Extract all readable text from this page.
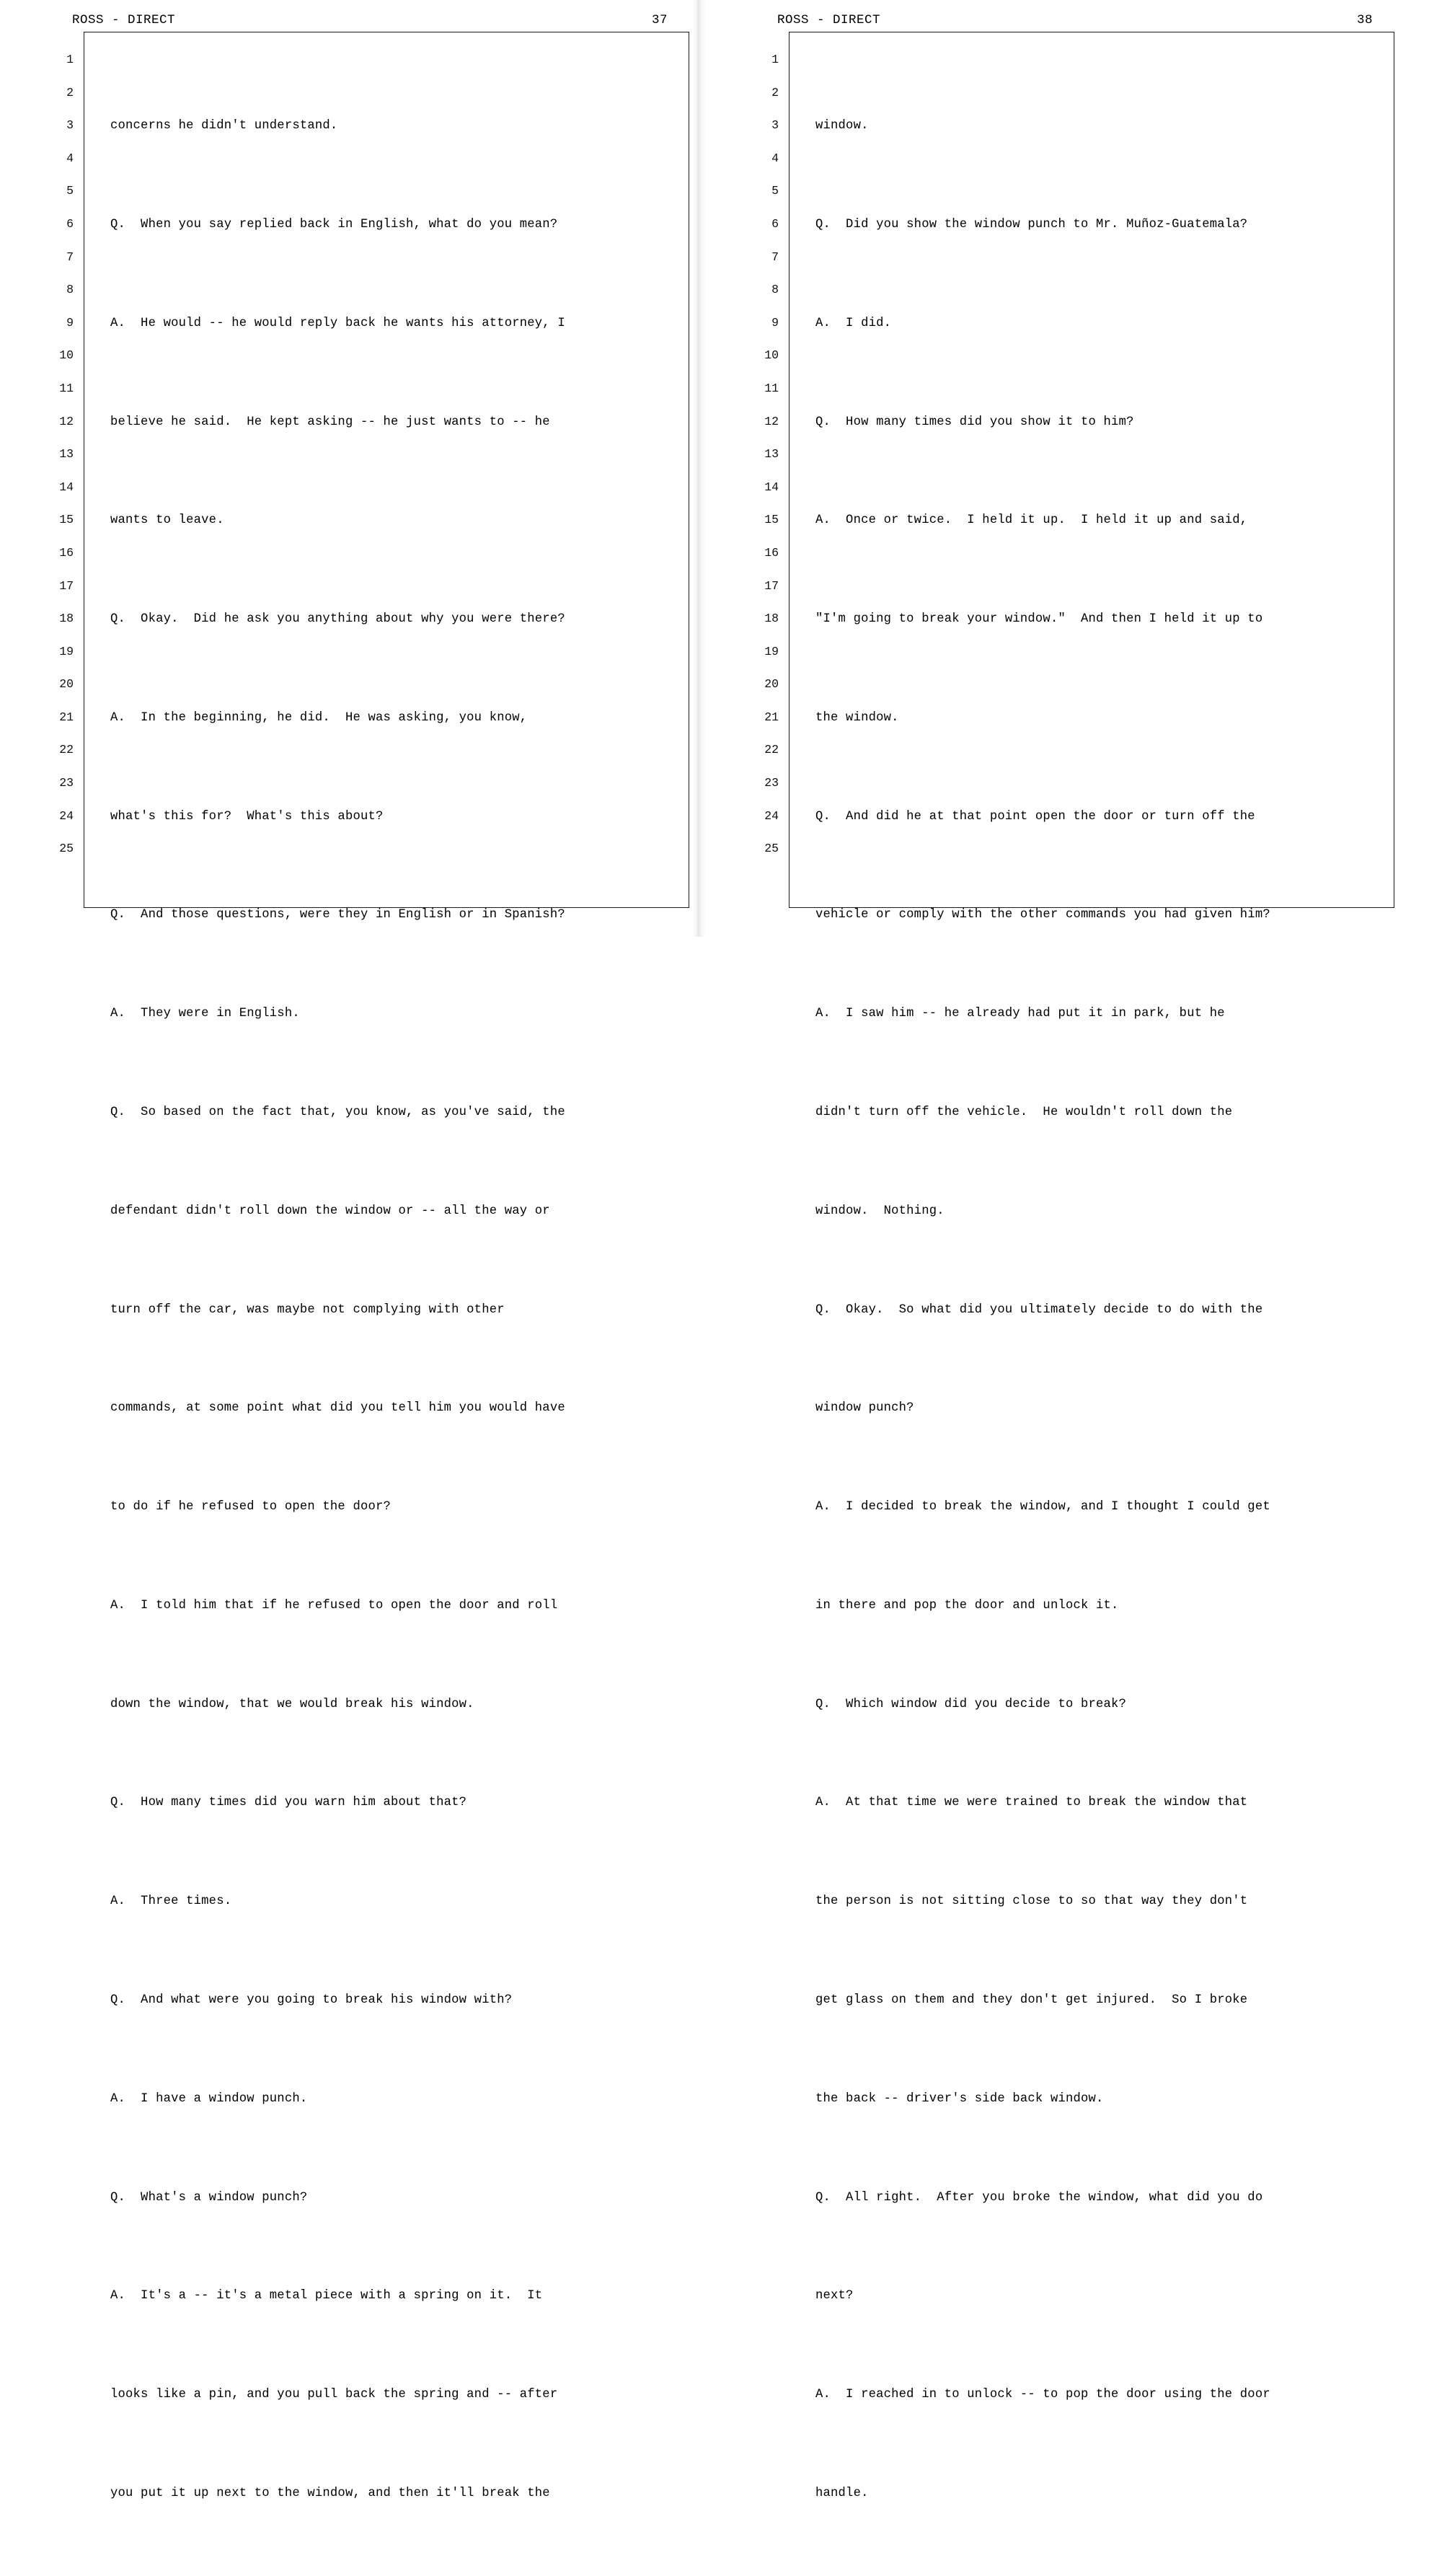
ROSS - DIRECT	37
1
2
3
4
5
6
7
8
9
10
11
12
13
14
15
16
17
18
19
20
21
22
23
24
25

concerns he didn't understand.

Q.  When you say replied back in English, what do you mean?

A.  He would -- he would reply back he wants his attorney, I

believe he said.  He kept asking -- he just wants to -- he

wants to leave.

Q.  Okay.  Did he ask you anything about why you were there?

A.  In the beginning, he did.  He was asking, you know,

what's this for?  What's this about?

Q.  And those questions, were they in English or in Spanish?

A.  They were in English.

Q.  So based on the fact that, you know, as you've said, the

defendant didn't roll down the window or -- all the way or

turn off the car, was maybe not complying with other

commands, at some point what did you tell him you would have

to do if he refused to open the door?

A.  I told him that if he refused to open the door and roll

down the window, that we would break his window.

Q.  How many times did you warn him about that?

A.  Three times.

Q.  And what were you going to break his window with?

A.  I have a window punch.

Q.  What's a window punch?

A.  It's a -- it's a metal piece with a spring on it.  It

looks like a pin, and you pull back the spring and -- after

you put it up next to the window, and then it'll break the

ROSS - DIRECT	38
1
2
3
4
5
6
7
8
9
10
11
12
13
14
15
16
17
18
19
20
21
22
23
24
25

window.

Q.  Did you show the window punch to Mr. Muñoz-Guatemala?

A.  I did.

Q.  How many times did you show it to him?

A.  Once or twice.  I held it up.  I held it up and said,

"I'm going to break your window."  And then I held it up to

the window.

Q.  And did he at that point open the door or turn off the

vehicle or comply with the other commands you had given him?

A.  I saw him -- he already had put it in park, but he

didn't turn off the vehicle.  He wouldn't roll down the

window.  Nothing.

Q.  Okay.  So what did you ultimately decide to do with the

window punch?

A.  I decided to break the window, and I thought I could get

in there and pop the door and unlock it.

Q.  Which window did you decide to break?

A.  At that time we were trained to break the window that

the person is not sitting close to so that way they don't

get glass on them and they don't get injured.  So I broke

the back -- driver's side back window.

Q.  All right.  After you broke the window, what did you do

next?

A.  I reached in to unlock -- to pop the door using the door

handle.
